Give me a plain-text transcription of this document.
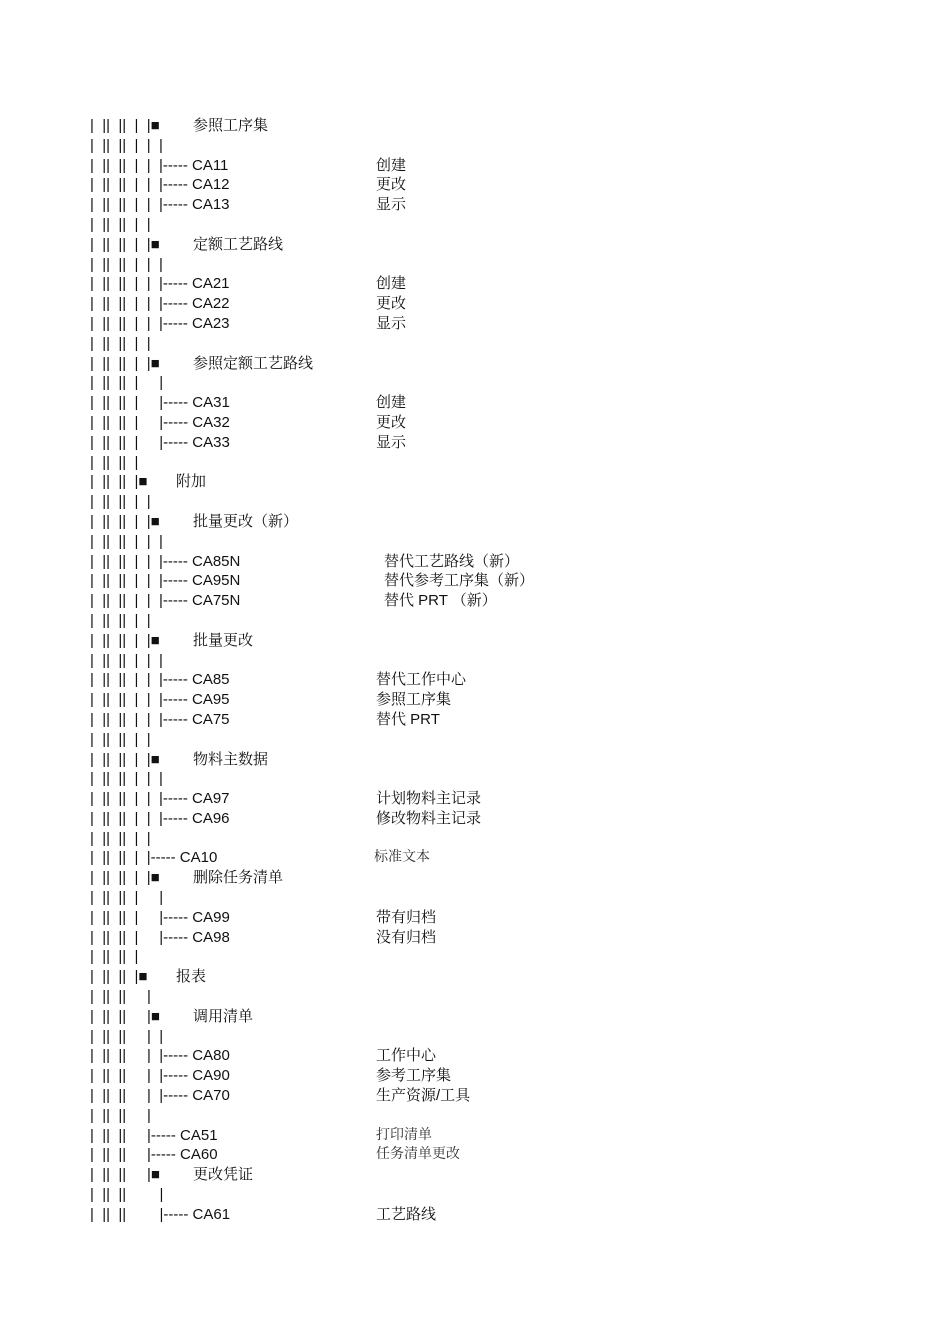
|  ||  ||  |  |■ 参照工序集
|  ||  ||  |  |  |
|  ||  ||  |  |  |----- CA11	创建
|  ||  ||  |  |  |----- CA12	更改
|  ||  ||  |  |  |----- CA13	显示
|  ||  ||  |  |
|  ||  ||  |  |■ 定额工艺路线
|  ||  ||  |  |  |
|  ||  ||  |  |  |----- CA21	创建
|  ||  ||  |  |  |----- CA22	更改
|  ||  ||  |  |  |----- CA23	显示
|  ||  ||  |  |
|  ||  ||  |  |■ 参照定额工艺路线
|  ||  ||  |     |
|  ||  ||  |     |----- CA31	创建
|  ||  ||  |     |----- CA32	更改
|  ||  ||  |     |----- CA33	显示
|  ||  ||  |
|  ||  ||  |■ 附加
|  ||  ||  |  |
|  ||  ||  |  |■ 批量更改（新）
|  ||  ||  |  |  |
|  ||  ||  |  |  |----- CA85N	替代工艺路线（新）
|  ||  ||  |  |  |----- CA95N	替代参考工序集（新）
|  ||  ||  |  |  |----- CA75N	替代 PRT （新）
|  ||  ||  |  |
|  ||  ||  |  |■ 批量更改
|  ||  ||  |  |  |
|  ||  ||  |  |  |----- CA85	替代工作中心
|  ||  ||  |  |  |----- CA95	参照工序集
|  ||  ||  |  |  |----- CA75	替代 PRT
|  ||  ||  |  |
|  ||  ||  |  |■ 物料主数据
|  ||  ||  |  |  |
|  ||  ||  |  |  |----- CA97	计划物料主记录
|  ||  ||  |  |  |----- CA96	修改物料主记录
|  ||  ||  |  |
|  ||  ||  |  |----- CA10	标准文本
|  ||  ||  |  |■ 删除任务清单
|  ||  ||  |     |
|  ||  ||  |     |----- CA99	带有归档
|  ||  ||  |     |----- CA98	没有归档
|  ||  ||  |
|  ||  ||  |■ 报表
|  ||  ||     |
|  ||  ||     |■ 调用清单
|  ||  ||     |  |
|  ||  ||     |  |----- CA80	工作中心
|  ||  ||     |  |----- CA90	参考工序集
|  ||  ||     |  |----- CA70	生产资源/工具
|  ||  ||     |
|  ||  ||     |----- CA51	打印清单
|  ||  ||     |----- CA60	任务清单更改
|  ||  ||     |■ 更改凭证
|  ||  ||        |
|  ||  ||        |----- CA61	工艺路线
